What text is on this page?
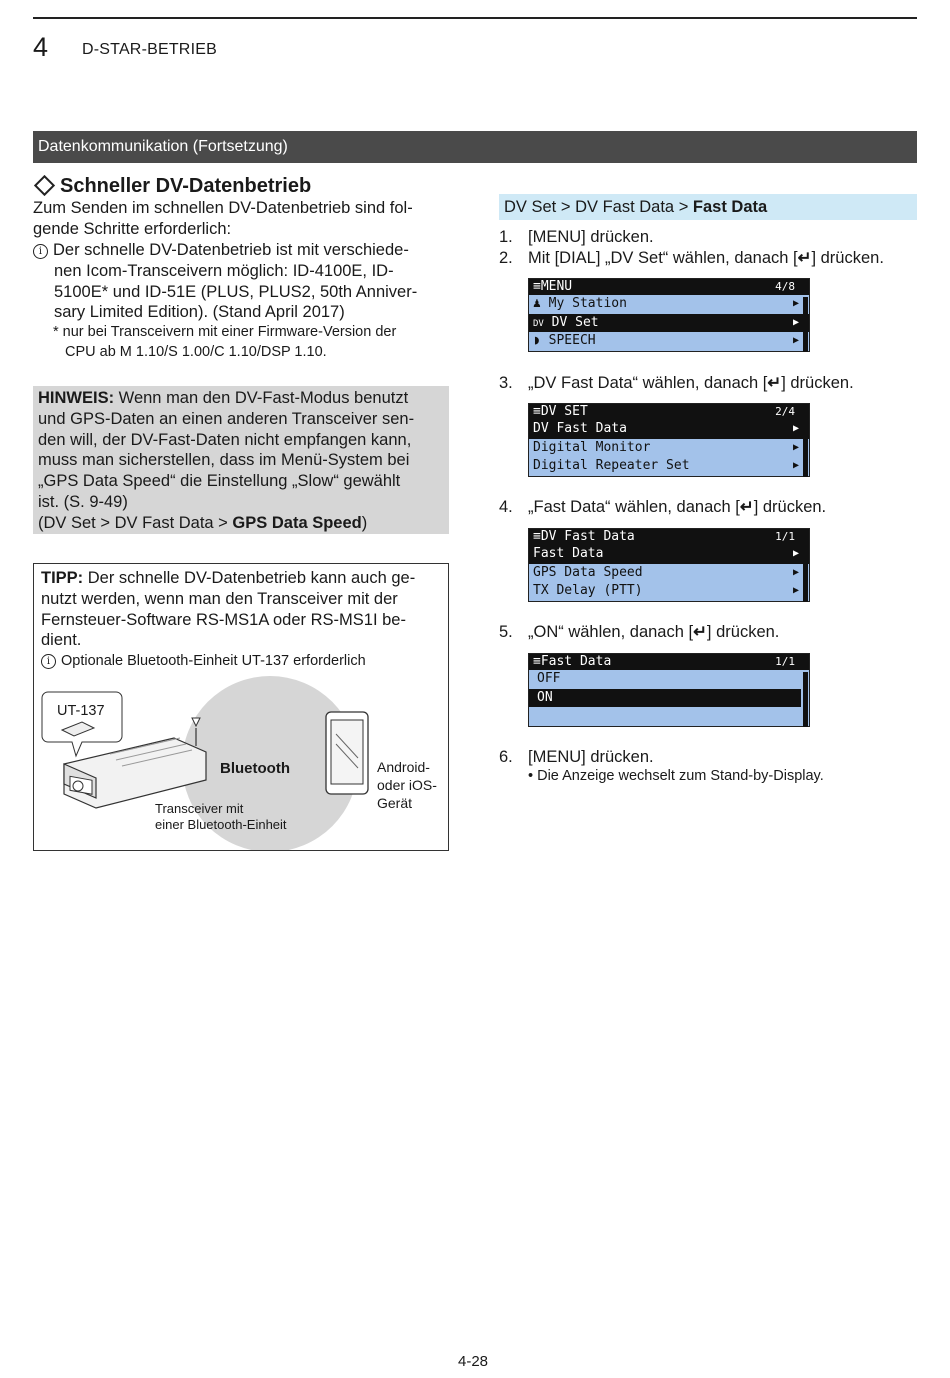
4 D-STAR-BETRIEB
Datenkommunikation (Fortsetzung)
Schneller DV-Datenbetrieb
Zum Senden im schnellen DV-Datenbetrieb sind fol-gende Schritte erforderlich:
i Der schnelle DV-Datenbetrieb ist mit verschiede-
nen Icom-Transceivern möglich: ID-4100E, ID-
5100E* und ID-51E (PLUS, PLUS2, 50th Anniver-
sary Limited Edition). (Stand April 2017)
* nur bei Transceivern mit einer Firmware-Version der
CPU ab M 1.10/S 1.00/C 1.10/DSP 1.10.
HINWEIS: Wenn man den DV-Fast-Modus benutzt
und GPS-Daten an einen anderen Transceiver sen-
den will, der DV-Fast-Daten nicht empfangen kann,
muss man sicherstellen, dass im Menü-System bei
„GPS Data Speed“ die Einstellung „Slow“ gewählt
ist. (S. 9-49)
(DV Set > DV Fast Data > GPS Data Speed)
TIPP: Der schnelle DV-Datenbetrieb kann auch ge-
nutzt werden, wenn man den Transceiver mit der
Fernsteuer-Software RS-MS1A oder RS-MS1I be-
dient.
i Optionale Bluetooth-Einheit UT-137 erforderlich
UT-137
Bluetooth
Transceiver mit
einer Bluetooth-Einheit
Android-
oder iOS-
Gerät
DV Set > DV Fast Data > Fast Data
1. [MENU] drücken.
2. Mit [DIAL] „DV Set“ wählen, danach [↵] drücken.
≡MENU	4/8
♟ My Station	▶
DV DV Set	▶
◗ SPEECH	▶
3. „DV Fast Data“ wählen, danach [↵] drücken.
≡DV SET	2/4
DV Fast Data	▶
Digital Monitor	▶
Digital Repeater Set	▶
4. „Fast Data“ wählen, danach [↵] drücken.
≡DV Fast Data	1/1
Fast Data	▶
GPS Data Speed	▶
TX Delay (PTT)	▶
5. „ON“ wählen, danach [↵] drücken.
≡Fast Data	1/1
OFF
ON
6. [MENU] drücken.
• Die Anzeige wechselt zum Stand-by-Display.
4-28
